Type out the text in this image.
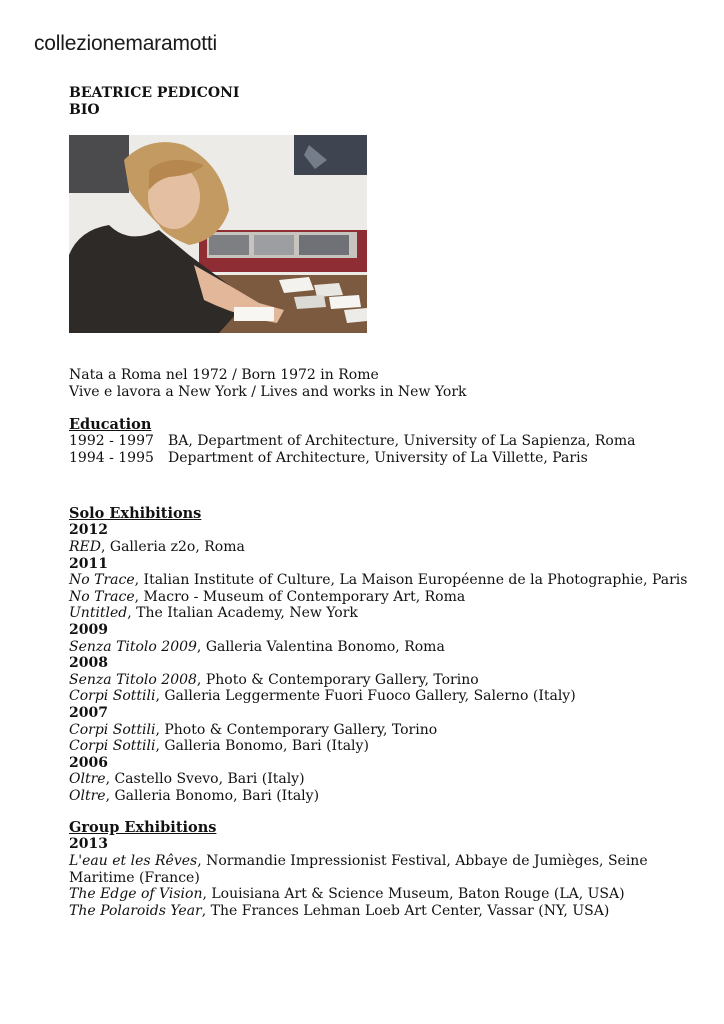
collezionemaramotti
BEATRICE PEDICONI
BIO
Nata a Roma nel 1972 / Born 1972 in Rome
Vive e lavora a New York / Lives and works in New York
Education
1992 - 1997	BA, Department of Architecture, University of La Sapienza, Roma
1994 - 1995	Department of Architecture, University of La Villette, Paris
Solo Exhibitions
2012
RED, Galleria z2o, Roma
2011
No Trace, Italian Institute of Culture, La Maison Européenne de la Photographie, Paris
No Trace, Macro - Museum of Contemporary Art, Roma
Untitled, The Italian Academy, New York
2009
Senza Titolo 2009, Galleria Valentina Bonomo, Roma
2008
Senza Titolo 2008, Photo & Contemporary Gallery, Torino
Corpi Sottili, Galleria Leggermente Fuori Fuoco Gallery, Salerno (Italy)
2007
Corpi Sottili, Photo & Contemporary Gallery, Torino
Corpi Sottili, Galleria Bonomo, Bari (Italy)
2006
Oltre, Castello Svevo, Bari (Italy)
Oltre, Galleria Bonomo, Bari (Italy)
Group Exhibitions
2013
L'eau et les Rêves, Normandie Impressionist Festival, Abbaye de Jumièges, Seine Maritime (France)
The Edge of Vision, Louisiana Art & Science Museum, Baton Rouge (LA, USA)
The Polaroids Year, The Frances Lehman Loeb Art Center, Vassar (NY, USA)
